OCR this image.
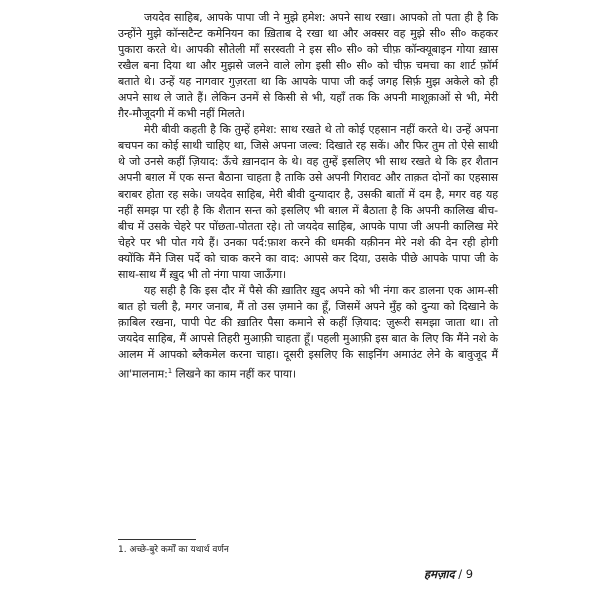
जयदेव साहिब, आपके पापा जी ने मुझे हमेश: अपने साथ रखा। आपको तो पता ही है कि उन्होंने मुझे कॉन्सटैन्ट कमेनियन का ख़िताब दे रखा था और अक्सर वह मुझे सी० सी० कहकर पुकारा करते थे। आपकी सौतेली माँ सरस्वती ने इस सी० सी० को चीफ़ कॉन्क्यूबाइन गोया ख़ास रखैल बना दिया था और मुझसे जलने वाले लोग इसी सी० सी० को चीफ़ चमचा का शार्ट फ़ॉर्म बताते थे। उन्हें यह नागवार गुज़रता था कि आपके पापा जी कई जगह सिर्फ़ मुझ अकेले को ही अपने साथ ले जाते हैं। लेकिन उनमें से किसी से भी, यहाँ तक कि अपनी माशूक़ाओं से भी, मेरी ग़ैर-मौजूदगी में कभी नहीं मिलते।

मेरी बीवी कहती है कि तुम्हें हमेश: साथ रखते थे तो कोई एहसान नहीं करते थे। उन्हें अपना बचपन का कोई साथी चाहिए था, जिसे अपना जल्व: दिखाते रह सकें। और फिर तुम तो ऐसे साथी थे जो उनसे कहीं ज़ियाद: ऊँचे ख़ानदान के थे। वह तुम्हें इसलिए भी साथ रखते थे कि हर शैतान अपनी बग़ल में एक सन्त बैठाना चाहता है ताकि उसे अपनी गिरावट और ताक़त दोनों का एहसास बराबर होता रह सके। जयदेव साहिब, मेरी बीवी दुन्यादार है, उसकी बातों में दम है, मगर वह यह नहीं समझ पा रही है कि शैतान सन्त को इसलिए भी बग़ल में बैठाता है कि अपनी कालिख बीच-बीच में उसके चेहरे पर पोंछता-पोतता रहे। तो जयदेव साहिब, आपके पापा जी अपनी कालिख मेरे चेहरे पर भी पोत गये हैं। उनका पर्द:फ़ाश करने की धमकी यक़ीनन मेरे नशे की देन रही होगी क्योंकि मैंने जिस पर्दे को चाक करने का वाद: आपसे कर दिया, उसके पीछे आपके पापा जी के साथ-साथ मैं ख़ुद भी तो नंगा पाया जाऊँगा।

यह सही है कि इस दौर में पैसे की ख़ातिर ख़ुद अपने को भी नंगा कर डालना एक आम-सी बात हो चली है, मगर जनाब, मैं तो उस ज़माने का हूँ, जिसमें अपने मुँह को दुन्या को दिखाने के क़ाबिल रखना, पापी पेट की ख़ातिर पैसा कमाने से कहीं ज़ियाद: ज़ुरूरी समझा जाता था। तो जयदेव साहिब, मैं आपसे तिहरी मुआफ़ी चाहता हूँ। पहली मुआफ़ी इस बात के लिए कि मैंने नशे के आलम में आपको ब्लैकमेल करना चाहा। दूसरी इसलिए कि साइनिंग अमाउंट लेने के बावुजूद मैं आ'मालनाम:$^1$ लिखने का काम नहीं कर पाया।

1. अच्छे-बुरे कर्मों का यथार्थ वर्णन
हमज़ाद / 9
